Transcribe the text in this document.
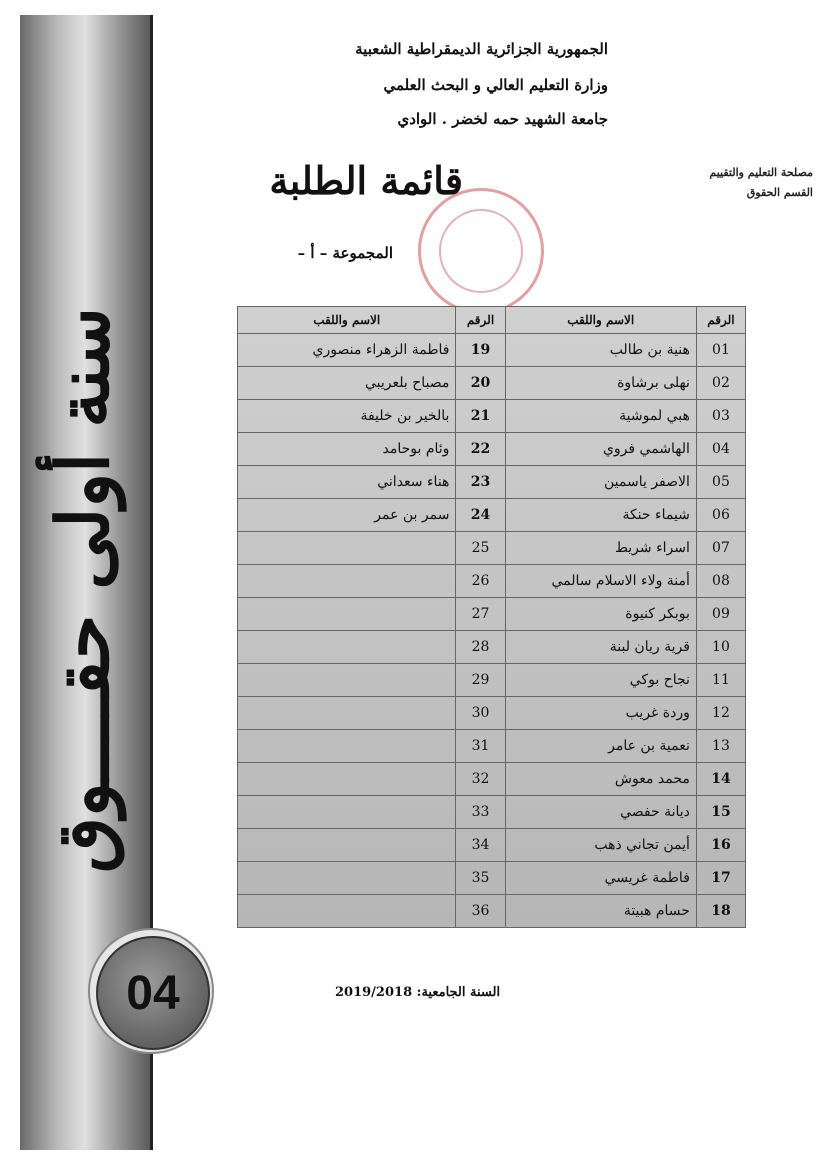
سنة أولى حقــــوق
04
الجمهورية الجزائرية الديمقراطية الشعبية
وزارة التعليم العالي و البحث العلمي
جامعة الشهيد حمه لخضر . الوادي
مصلحة التعليم والتقييم
القسم الحقوق
قائمة الطلبة
المجموعة – أ –
الرقم	الاسم واللقب	الرقم	الاسم واللقب
01	هنية بن طالب	19	فاطمة الزهراء منصوري
02	نهلى برشاوة	20	مصباح بلعريبي
03	هبي لموشية	21	بالخير بن خليفة
04	الهاشمي فروي	22	وئام بوحامد
05	الاصفر ياسمين	23	هناء سعداني
06	شيماء حنكة	24	سمر بن عمر
07	اسراء شريط	25	
08	أمنة ولاء الاسلام سالمي	26	
09	بوبكر كنيوة	27	
10	قرية ريان لبنة	28	
11	نجاح بوكي	29	
12	وردة غريب	30	
13	نعمية بن عامر	31	
14	محمد معوش	32	
15	ديانة حفصي	33	
16	أيمن تجاني ذهب	34	
17	فاطمة غريسي	35	
18	حسام هبيتة	36	
السنة الجامعية: 2019/2018
